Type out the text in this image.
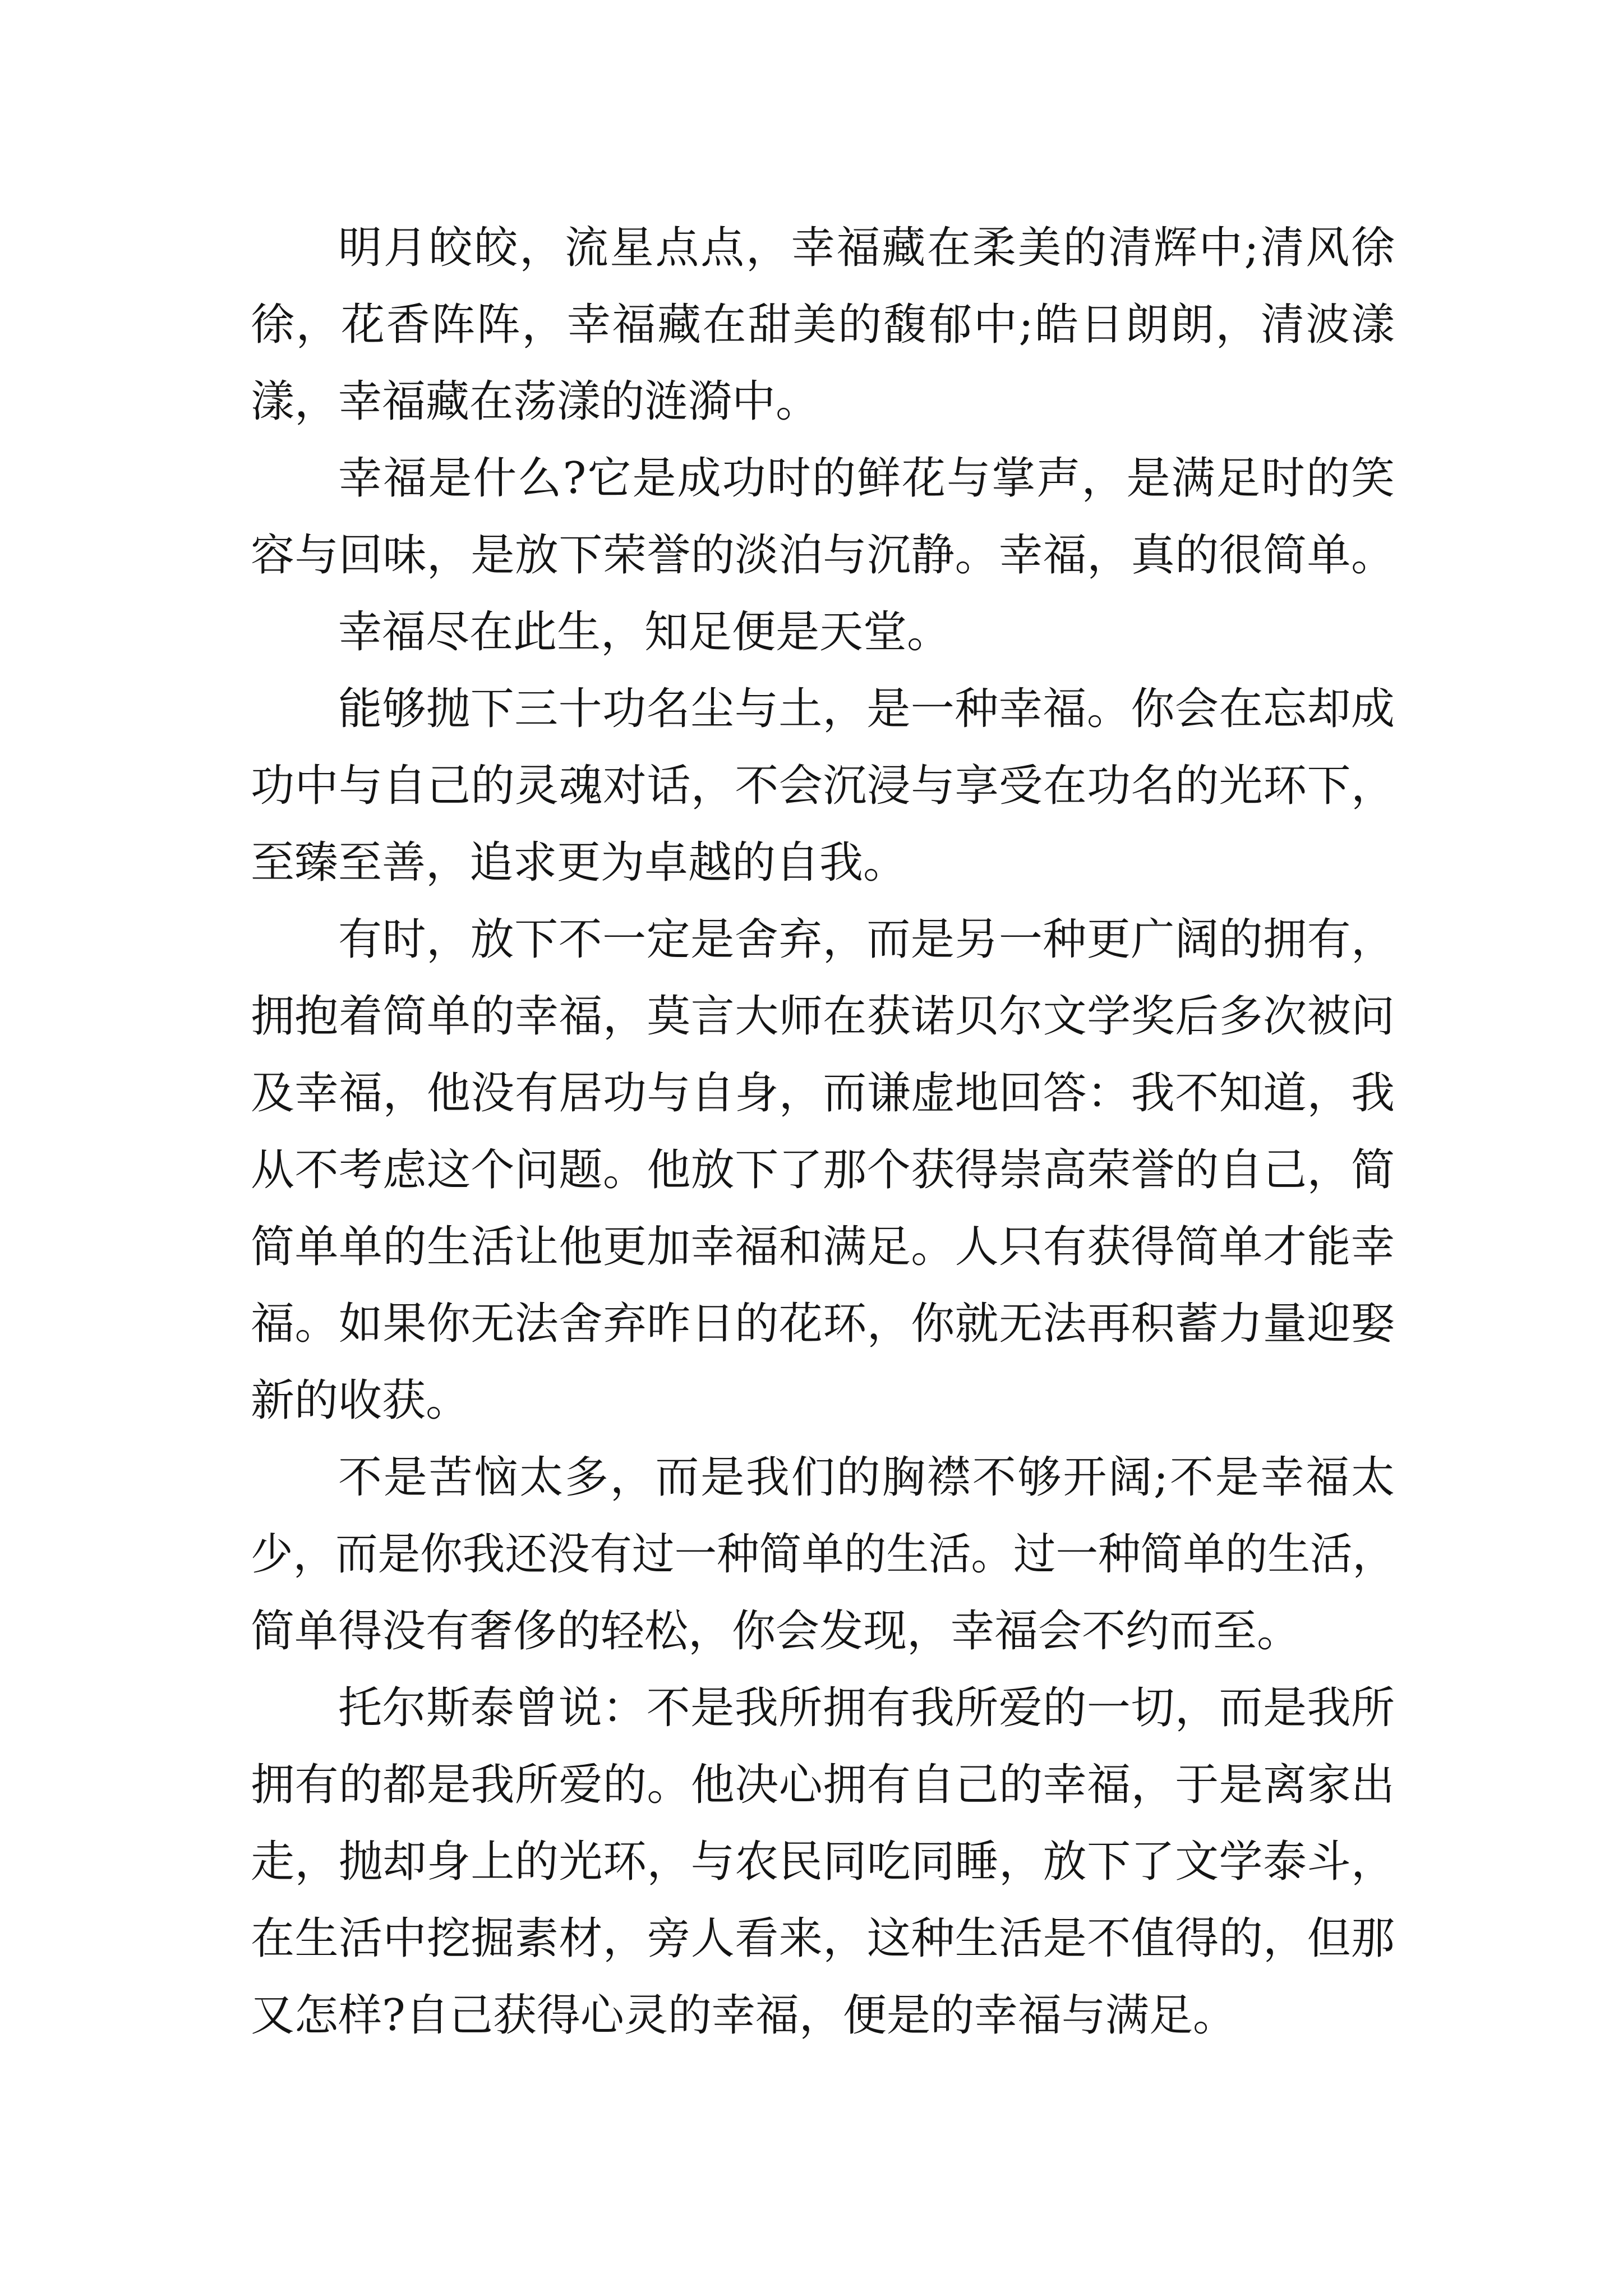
明月皎皎，流星点点，幸福藏在柔美的清辉中;清风徐
徐，花香阵阵，幸福藏在甜美的馥郁中;皓日朗朗，清波漾
漾，幸福藏在荡漾的涟漪中。
幸福是什么?它是成功时的鲜花与掌声，是满足时的笑
容与回味，是放下荣誉的淡泊与沉静。幸福，真的很简单。
幸福尽在此生，知足便是天堂。
能够抛下三十功名尘与土，是一种幸福。你会在忘却成
功中与自己的灵魂对话，不会沉浸与享受在功名的光环下，
至臻至善，追求更为卓越的自我。
有时，放下不一定是舍弃，而是另一种更广阔的拥有，
拥抱着简单的幸福，莫言大师在获诺贝尔文学奖后多次被问
及幸福，他没有居功与自身，而谦虚地回答：我不知道，我
从不考虑这个问题。他放下了那个获得崇高荣誉的自己，简
简单单的生活让他更加幸福和满足。人只有获得简单才能幸
福。如果你无法舍弃昨日的花环，你就无法再积蓄力量迎娶
新的收获。
不是苦恼太多，而是我们的胸襟不够开阔;不是幸福太
少，而是你我还没有过一种简单的生活。过一种简单的生活，
简单得没有奢侈的轻松，你会发现，幸福会不约而至。
托尔斯泰曾说：不是我所拥有我所爱的一切，而是我所
拥有的都是我所爱的。他决心拥有自己的幸福，于是离家出
走，抛却身上的光环，与农民同吃同睡，放下了文学泰斗，
在生活中挖掘素材，旁人看来，这种生活是不值得的，但那
又怎样?自己获得心灵的幸福，便是的幸福与满足。
